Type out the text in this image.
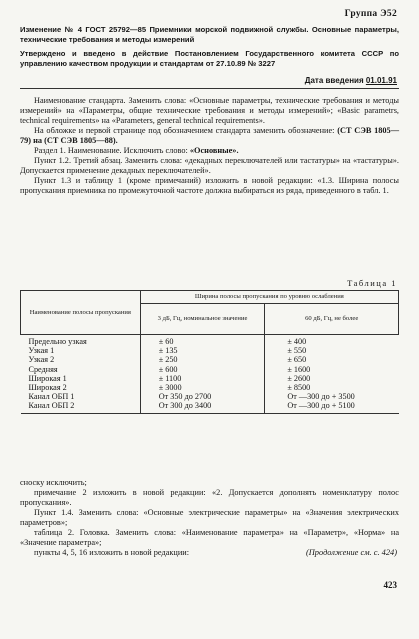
Группа Э52
Изменение № 4 ГОСТ 25792—85 Приемники морской подвижной службы. Основные параметры, технические требования и методы измерений
Утверждено и введено в действие Постановлением Государственного комитета СССР по управлению качеством продукции и стандартам от 27.10.89 № 3227
Дата введения 01.01.91

Наименование стандарта. Заменить слова: «Основные параметры, технические требования и методы измерений» на «Параметры, общие технические требования и методы измерений»; «Basic parametrs, technical requirements» на «Parameters, general technical requirements».

На обложке и первой странице под обозначением стандарта заменить обозначение: (СТ СЭВ 1805—79) на (СТ СЭВ 1805—88).

Раздел 1. Наименование. Исключить слово: «Основные».

Пункт 1.2. Третий абзац. Заменить слова: «декадных переключателей или тастатуры» на «тастатуры». Допускается применение декадных переключателей».

Пункт 1.3 и таблицу 1 (кроме примечаний) изложить в новой редакции: «1.3. Ширина полосы пропускания приемника по промежуточной частоте должна выбираться из ряда, приведенного в табл. 1.

Таблица 1
Наименование полосы пропускания	Ширина полосы пропускания по уровню ослабления	
	3 дБ, Гц, номинальное значение	60 дБ, Гц, не более
Предельно узкая	± 60	± 400
Узкая 1	± 135	± 550
Узкая 2	± 250	± 650
Средняя	± 600	± 1600
Широкая 1	± 1100	± 2600
Широкая 2	± 3000	± 8500
Канал ОБП 1	От 350 до 2700	От —300 до + 3500
Канал ОБП 2	От 300 до 3400	От —300 до + 5100

сноску исключить;

примечание 2 изложить в новой редакции: «2. Допускается дополнять номенклатуру полос пропускания».

Пункт 1.4. Заменить слова: «Основные электрические параметры» на «Значения электрических параметров»;

таблица 2. Головка. Заменить слова: «Наименование параметра» на «Параметр», «Норма» на «Значение параметра»;

пункты 4, 5, 16 изложить в новой редакции:	(Продолжение см. с. 424)
423
